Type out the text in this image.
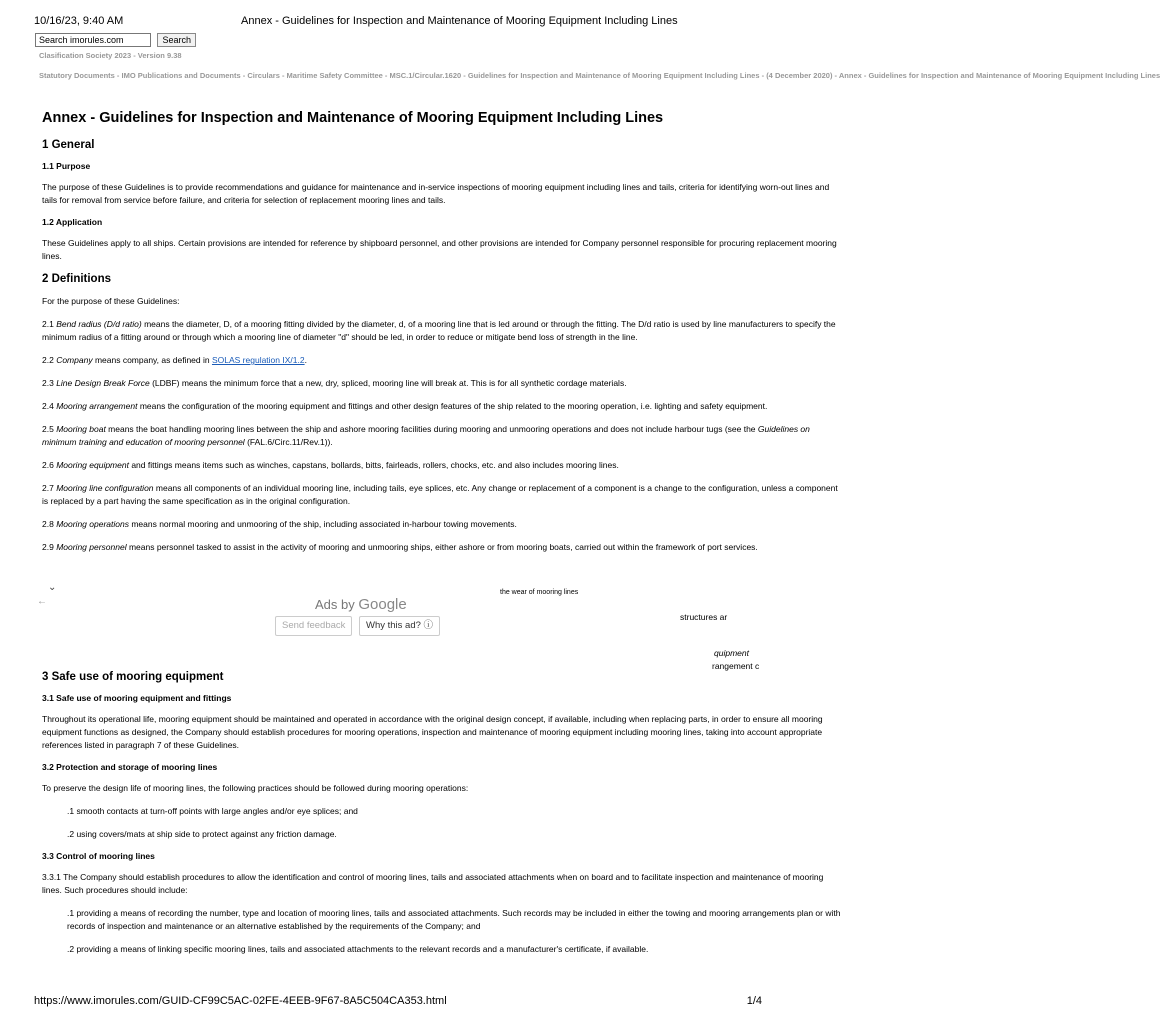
10/16/23, 9:40 AM	Annex - Guidelines for Inspection and Maintenance of Mooring Equipment Including Lines
Search imorules.com Search
Clasification Society 2023 - Version 9.38
Statutory Documents - IMO Publications and Documents - Circulars - Maritime Safety Committee - MSC.1/Circular.1620 - Guidelines for Inspection and Maintenance of Mooring Equipment Including Lines - (4 December 2020) - Annex - Guidelines for Inspection and Maintenance of Mooring Equipment Including Lines
Annex - Guidelines for Inspection and Maintenance of Mooring Equipment Including Lines
1 General
1.1 Purpose

The purpose of these Guidelines is to provide recommendations and guidance for maintenance and in-service inspections of mooring equipment including lines and tails, criteria for identifying worn-out lines and tails for removal from service before failure, and criteria for selection of replacement mooring lines and tails.

1.2 Application

These Guidelines apply to all ships. Certain provisions are intended for reference by shipboard personnel, and other provisions are intended for Company personnel responsible for procuring replacement mooring lines.

2 Definitions

For the purpose of these Guidelines:

2.1 Bend radius (D/d ratio) means the diameter, D, of a mooring fitting divided by the diameter, d, of a mooring line that is led around or through the fitting. The D/d ratio is used by line manufacturers to specify the minimum radius of a fitting around or through which a mooring line of diameter "d" should be led, in order to reduce or mitigate bend loss of strength in the line.

2.2 Company means company, as defined in SOLAS regulation IX/1.2.

2.3 Line Design Break Force (LDBF) means the minimum force that a new, dry, spliced, mooring line will break at. This is for all synthetic cordage materials.

2.4 Mooring arrangement means the configuration of the mooring equipment and fittings and other design features of the ship related to the mooring operation, i.e. lighting and safety equipment.

2.5 Mooring boat means the boat handling mooring lines between the ship and ashore mooring facilities during mooring and unmooring operations and does not include harbour tugs (see the Guidelines on minimum training and education of mooring personnel (FAL.6/Circ.11/Rev.1)).

2.6 Mooring equipment and fittings means items such as winches, capstans, bollards, bitts, fairleads, rollers, chocks, etc. and also includes mooring lines.

2.7 Mooring line configuration means all components of an individual mooring line, including tails, eye splices, etc. Any change or replacement of a component is a change to the configuration, unless a component is replaced by a part having the same specification as in the original configuration.

2.8 Mooring operations means normal mooring and unmooring of the ship, including associated in-harbour towing movements.

2.9 Mooring personnel means personnel tasked to assist in the activity of mooring and unmooring ships, either ashore or from mooring boats, carried out within the framework of port services.

3 Safe use of mooring equipment
3.1 Safe use of mooring equipment and fittings

Throughout its operational life, mooring equipment should be maintained and operated in accordance with the original design concept, if available, including when replacing parts, in order to ensure all mooring equipment functions as designed, the Company should establish procedures for mooring operations, inspection and maintenance of mooring equipment including mooring lines, taking into account appropriate references listed in paragraph 7 of these Guidelines.

3.2 Protection and storage of mooring lines

To preserve the design life of mooring lines, the following practices should be followed during mooring operations:

.1 smooth contacts at turn-off points with large angles and/or eye splices; and

.2 using covers/mats at ship side to protect against any friction damage.

3.3 Control of mooring lines

3.3.1 The Company should establish procedures to allow the identification and control of mooring lines, tails and associated attachments when on board and to facilitate inspection and maintenance of mooring lines. Such procedures should include:

.1 providing a means of recording the number, type and location of mooring lines, tails and associated attachments. Such records may be included in either the towing and mooring arrangements plan or with records of inspection and maintenance or an alternative established by the requirements of the Company; and

.2 providing a means of linking specific mooring lines, tails and associated attachments to the relevant records and a manufacturer's certificate, if available.

⌄
←
the wear of mooring lines
structures ar
quipment
rangement c
Ads by Google
Send feedback	Why this ad? ⓘ
https://www.imorules.com/GUID-CF99C5AC-02FE-4EEB-9F67-8A5C504CA353.html	1/4
